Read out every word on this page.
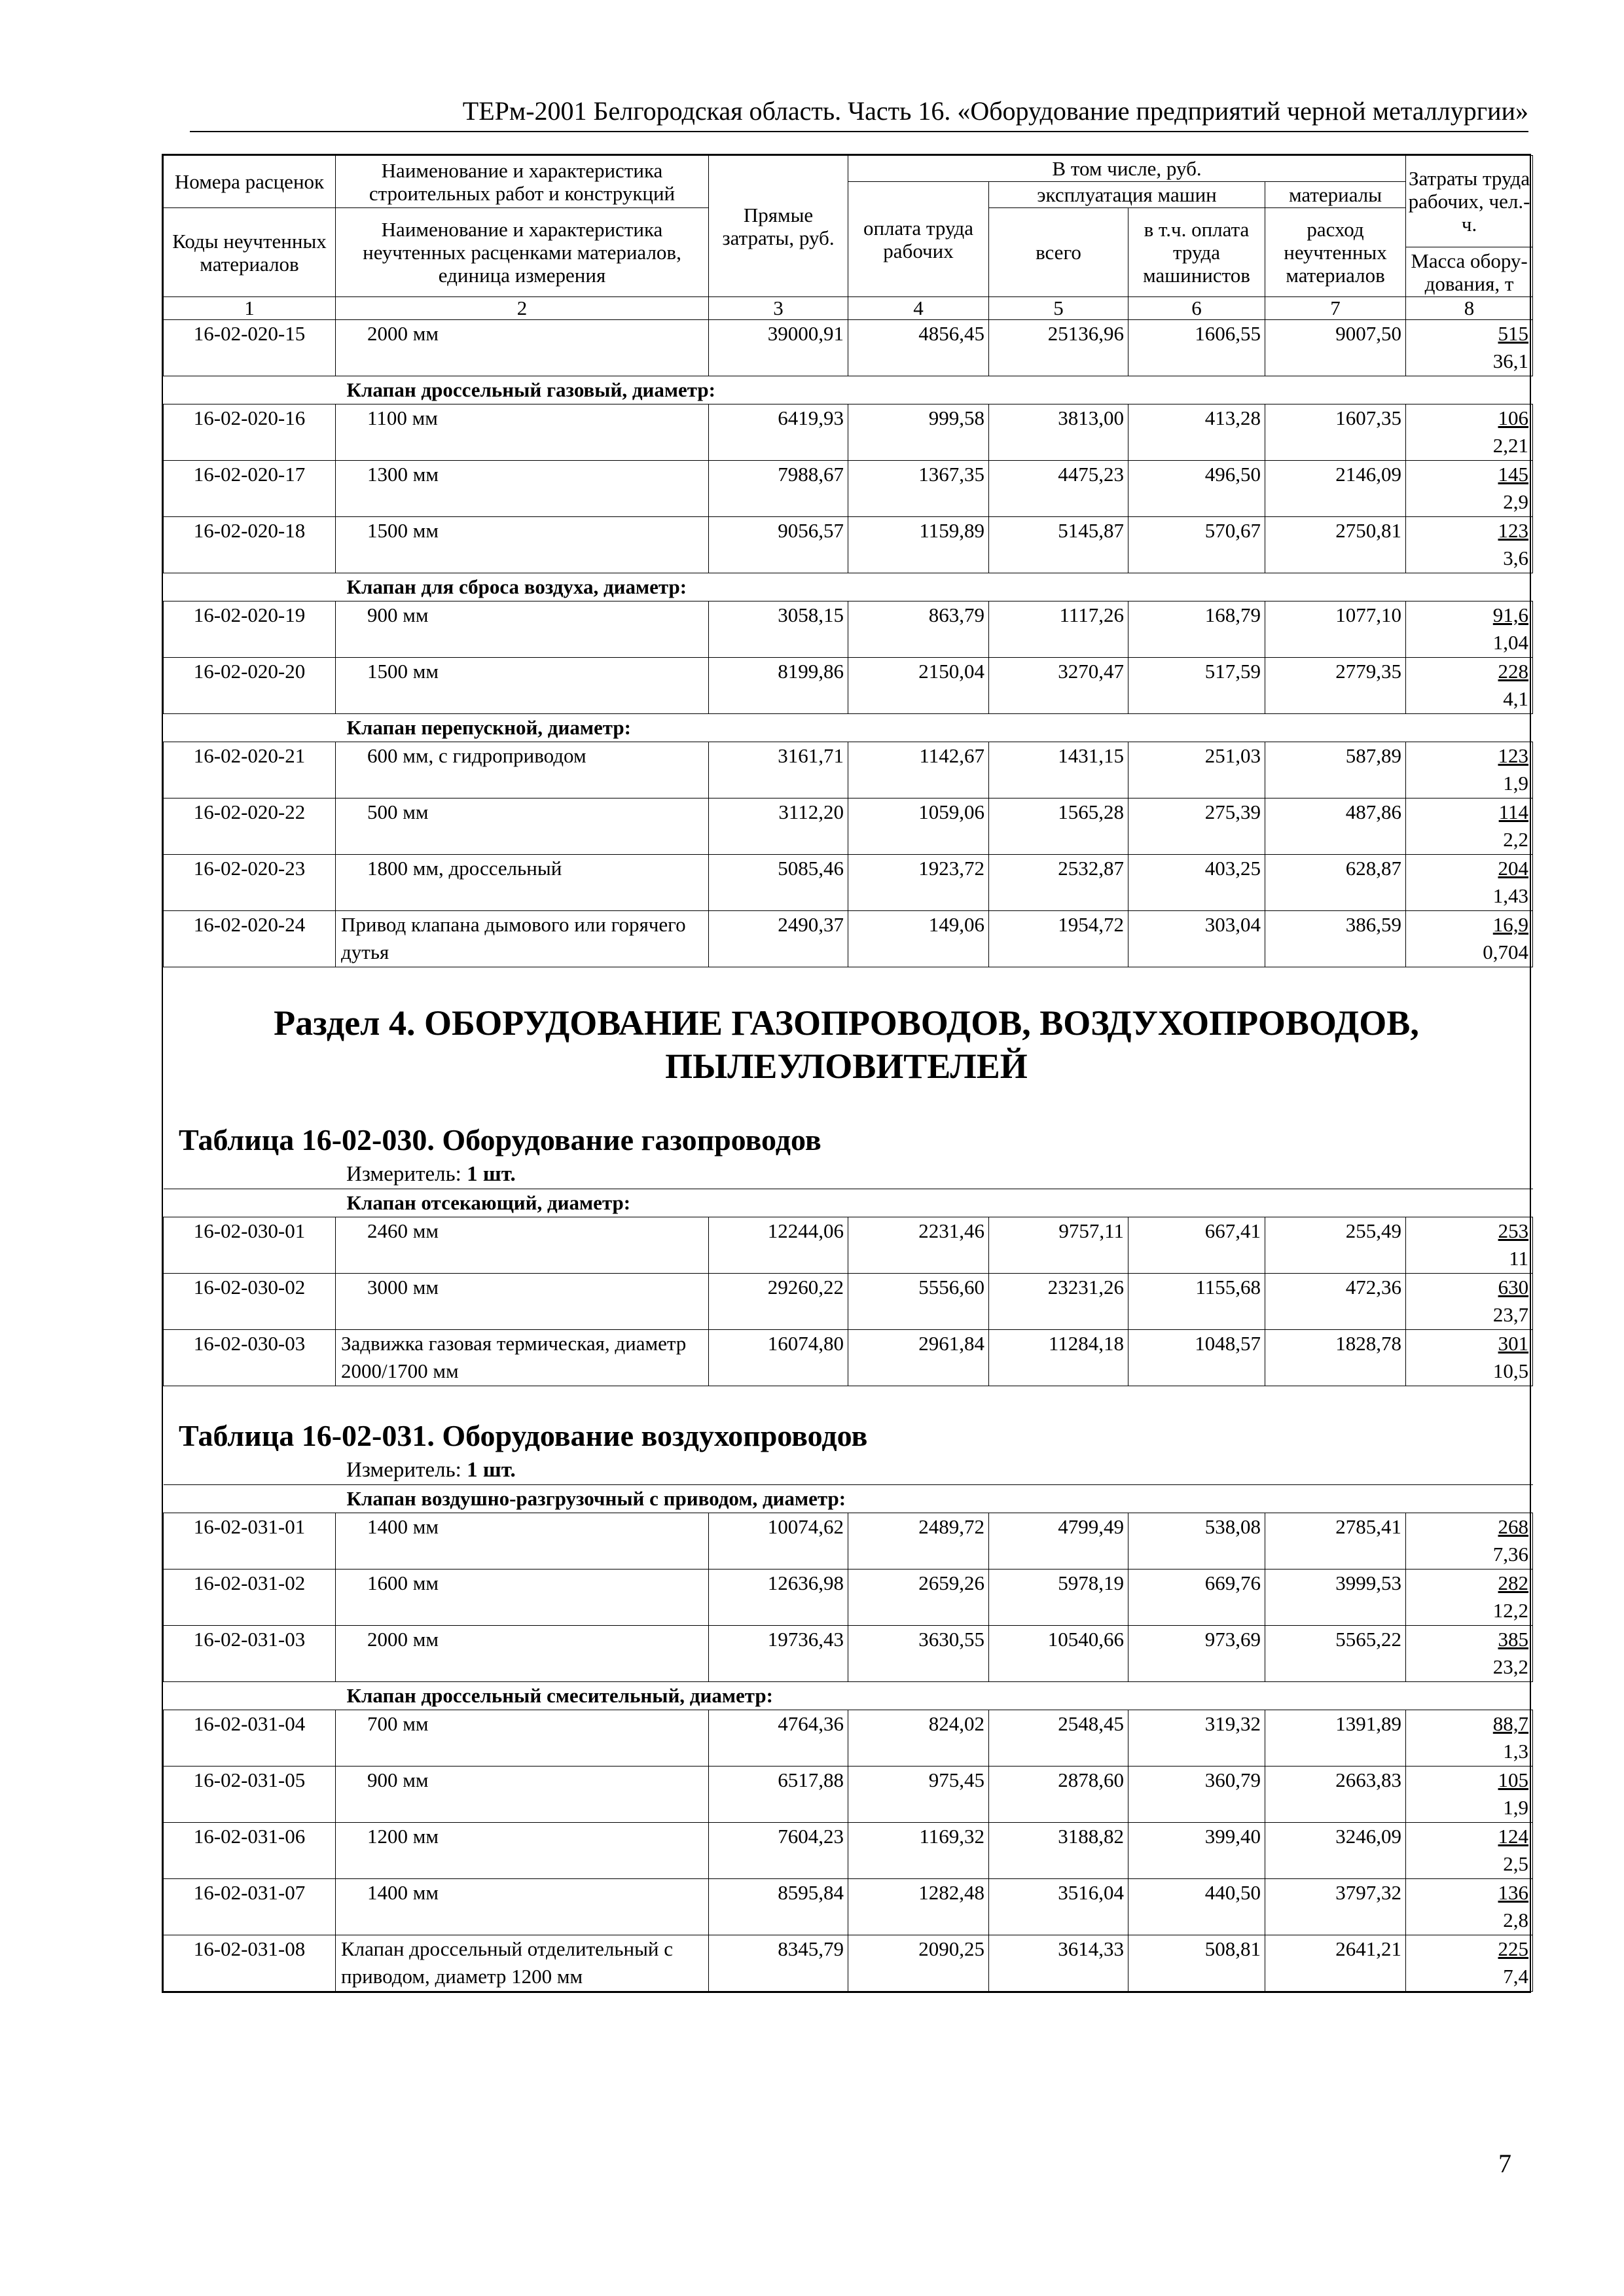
ТЕРм-2001 Белгородская область. Часть 16. «Оборудование предприятий черной металлургии»
Номера расценок	Наименование и характеристика строительных работ и конструкций	Прямые затраты, руб.	В том числе, руб.				Затраты труда рабочих, чел.-ч.
			оплата труда рабочих	эксплуатация машин		материалы	
Коды неучтенных материалов	Наименование и характеристика неучтенных расценками материалов, единица измерения			всего	в т.ч. оплата труда машинистов	расход неучтенных материалов	
							Масса обору-дования, т
1	2	3	4	5	6	7	8
16-02-020-15	2000 мм	39000,91	4856,45	25136,96	1606,55	9007,50	515
36,1

Клапан дроссельный газовый, диаметр:							
16-02-020-16	1100 мм	6419,93	999,58	3813,00	413,28	1607,35	106
2,21

16-02-020-17	1300 мм	7988,67	1367,35	4475,23	496,50	2146,09	145
2,9

16-02-020-18	1500 мм	9056,57	1159,89	5145,87	570,67	2750,81	123
3,6

Клапан для сброса воздуха, диаметр:							
16-02-020-19	900 мм	3058,15	863,79	1117,26	168,79	1077,10	91,6
1,04

16-02-020-20	1500 мм	8199,86	2150,04	3270,47	517,59	2779,35	228
4,1

Клапан перепускной, диаметр:							
16-02-020-21	600 мм, с гидроприводом	3161,71	1142,67	1431,15	251,03	587,89	123
1,9

16-02-020-22	500 мм	3112,20	1059,06	1565,28	275,39	487,86	114
2,2

16-02-020-23	1800 мм, дроссельный	5085,46	1923,72	2532,87	403,25	628,87	204
1,43

16-02-020-24	Привод клапана дымового или горячего дутья	2490,37	149,06	1954,72	303,04	386,59	16,9
0,704
Раздел 4. ОБОРУДОВАНИЕ ГАЗОПРОВОДОВ, ВОЗДУХОПРОВОДОВ, ПЫЛЕУЛОВИТЕЛЕЙ
Таблица 16-02-030. Оборудование газопроводов
Измеритель: 1 шт.
Клапан отсекающий, диаметр:							
16-02-030-01	2460 мм	12244,06	2231,46	9757,11	667,41	255,49	253
11

16-02-030-02	3000 мм	29260,22	5556,60	23231,26	1155,68	472,36	630
23,7

16-02-030-03	Задвижка газовая термическая, диаметр 2000/1700 мм	16074,80	2961,84	11284,18	1048,57	1828,78	301
10,5
Таблица 16-02-031. Оборудование воздухопроводов
Измеритель: 1 шт.
Клапан воздушно-разгрузочный с приводом, диаметр:							
16-02-031-01	1400 мм	10074,62	2489,72	4799,49	538,08	2785,41	268
7,36

16-02-031-02	1600 мм	12636,98	2659,26	5978,19	669,76	3999,53	282
12,2

16-02-031-03	2000 мм	19736,43	3630,55	10540,66	973,69	5565,22	385
23,2

Клапан дроссельный смесительный, диаметр:							
16-02-031-04	700 мм	4764,36	824,02	2548,45	319,32	1391,89	88,7
1,3

16-02-031-05	900 мм	6517,88	975,45	2878,60	360,79	2663,83	105
1,9

16-02-031-06	1200 мм	7604,23	1169,32	3188,82	399,40	3246,09	124
2,5

16-02-031-07	1400 мм	8595,84	1282,48	3516,04	440,50	3797,32	136
2,8

16-02-031-08	Клапан дроссельный отделительный с приводом, диаметр 1200 мм	8345,79	2090,25	3614,33	508,81	2641,21	225
7,4
7
